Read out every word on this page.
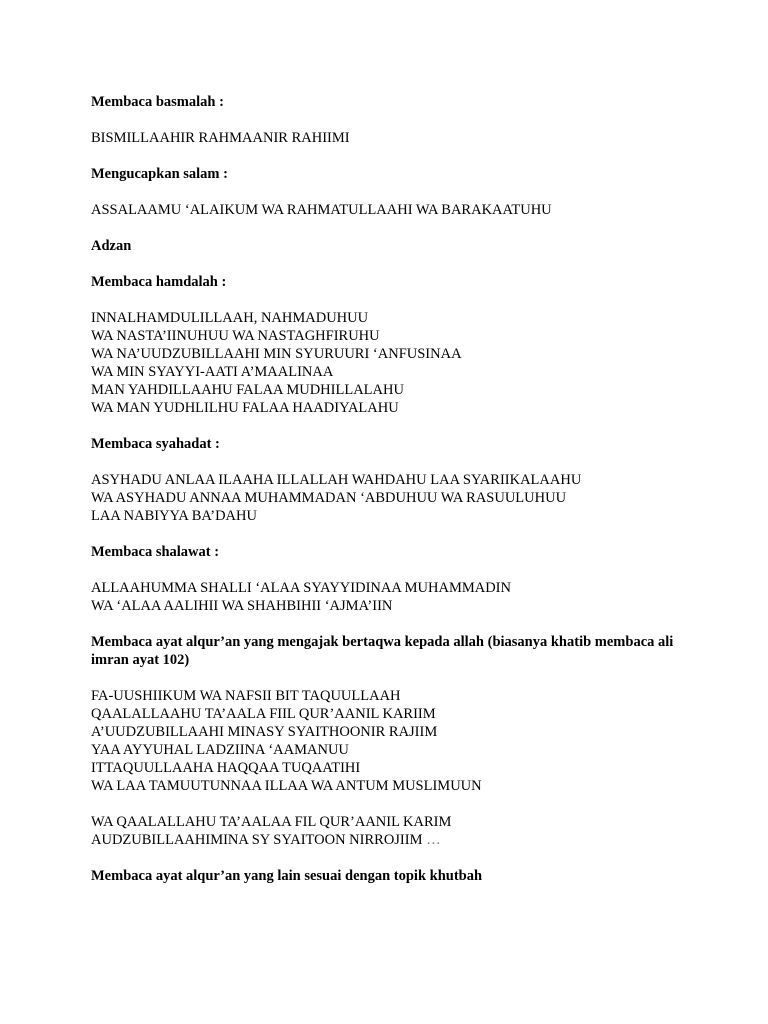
Membaca basmalah :
BISMILLAAHIR RAHMAANIR RAHIIMI
Mengucapkan salam :
ASSALAAMU ‘ALAIKUM WA RAHMATULLAAHI WA BARAKAATUHU
Adzan
Membaca hamdalah :
INNALHAMDULILLAAH, NAHMADUHUU
WA NASTA’IINUHUU WA NASTAGHFIRUHU
WA NA’UUDZUBILLAAHI MIN SYURUURI ‘ANFUSINAA
WA MIN SYAYYI-AATI A’MAALINAA
MAN YAHDILLAAHU FALAA MUDHILLALAHU
WA MAN YUDHLILHU FALAA HAADIYALAHU
Membaca syahadat :
ASYHADU ANLAA ILAAHA ILLALLAH WAHDAHU LAA SYARIIKALAAHU
WA ASYHADU ANNAA MUHAMMADAN ‘ABDUHUU WA RASUULUHUU
LAA NABIYYA BA’DAHU
Membaca shalawat :
ALLAAHUMMA SHALLI ‘ALAA SYAYYIDINAA MUHAMMADIN
WA ‘ALAA AALIHII WA SHAHBIHII ‘AJMA’IIN
Membaca ayat alqur’an yang mengajak bertaqwa kepada allah (biasanya khatib membaca ali imran ayat 102)
FA-UUSHIIKUM WA NAFSII BIT TAQUULLAAH
QAALALLAAHU TA’AALA FIIL QUR’AANIL KARIIM
A’UUDZUBILLAAHI MINASY SYAITHOONIR RAJIIM
YAA AYYUHAL LADZIINA ‘AAMANUU
ITTAQUULLAAHA HAQQAA TUQAATIHI
WA LAA TAMUUTUNNAA ILLAA WA ANTUM MUSLIMUUN
WA QAALALLAHU TA’AALAA FIL QUR’AANIL KARIM
AUDZUBILLAAHIMINA SY SYAITOON NIRROJIIM …
Membaca ayat alqur’an yang lain sesuai dengan topik khutbah
